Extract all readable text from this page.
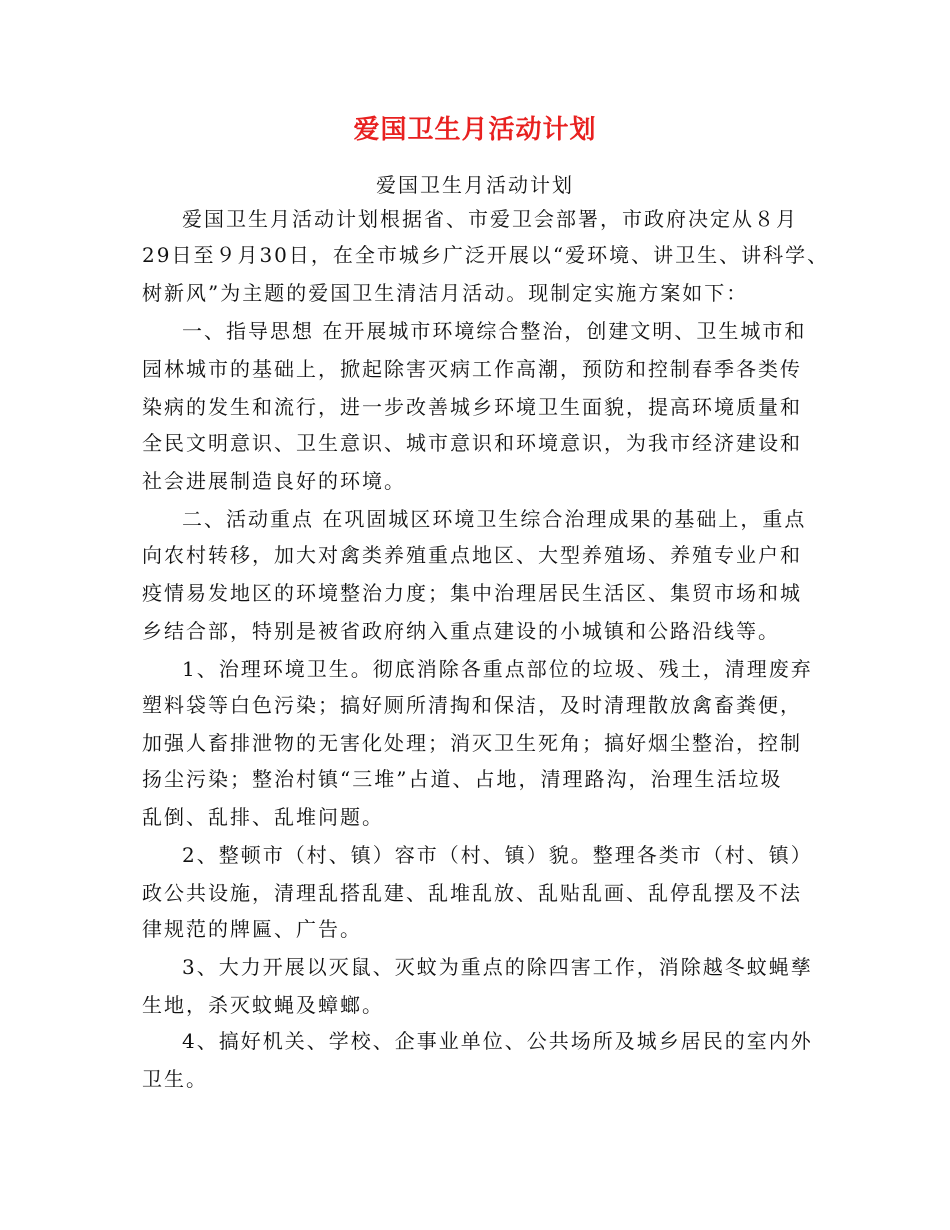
爱国卫生月活动计划
爱国卫生月活动计划
爱国卫生月活动计划根据省、市爱卫会部署，市政府决定从８月
29日至９月30日，在全市城乡广泛开展以“爱环境、讲卫生、讲科学、
树新风”为主题的爱国卫生清洁月活动。现制定实施方案如下：
一、指导思想 在开展城市环境综合整治，创建文明、卫生城市和
园林城市的基础上，掀起除害灭病工作高潮，预防和控制春季各类传
染病的发生和流行，进一步改善城乡环境卫生面貌，提高环境质量和
全民文明意识、卫生意识、城市意识和环境意识，为我市经济建设和
社会进展制造良好的环境。
二、活动重点 在巩固城区环境卫生综合治理成果的基础上，重点
向农村转移，加大对禽类养殖重点地区、大型养殖场、养殖专业户和
疫情易发地区的环境整治力度；集中治理居民生活区、集贸市场和城
乡结合部，特别是被省政府纳入重点建设的小城镇和公路沿线等。
1、治理环境卫生。彻底消除各重点部位的垃圾、残土，清理废弃
塑料袋等白色污染；搞好厕所清掏和保洁，及时清理散放禽畜粪便，
加强人畜排泄物的无害化处理；消灭卫生死角；搞好烟尘整治，控制
扬尘污染；整治村镇“三堆”占道、占地，清理路沟，治理生活垃圾
乱倒、乱排、乱堆问题。
2、整顿市（村、镇）容市（村、镇）貌。整理各类市（村、镇）
政公共设施，清理乱搭乱建、乱堆乱放、乱贴乱画、乱停乱摆及不法
律规范的牌匾、广告。
3、大力开展以灭鼠、灭蚊为重点的除四害工作，消除越冬蚊蝇孳
生地，杀灭蚊蝇及蟑螂。
4、搞好机关、学校、企事业单位、公共场所及城乡居民的室内外
卫生。
